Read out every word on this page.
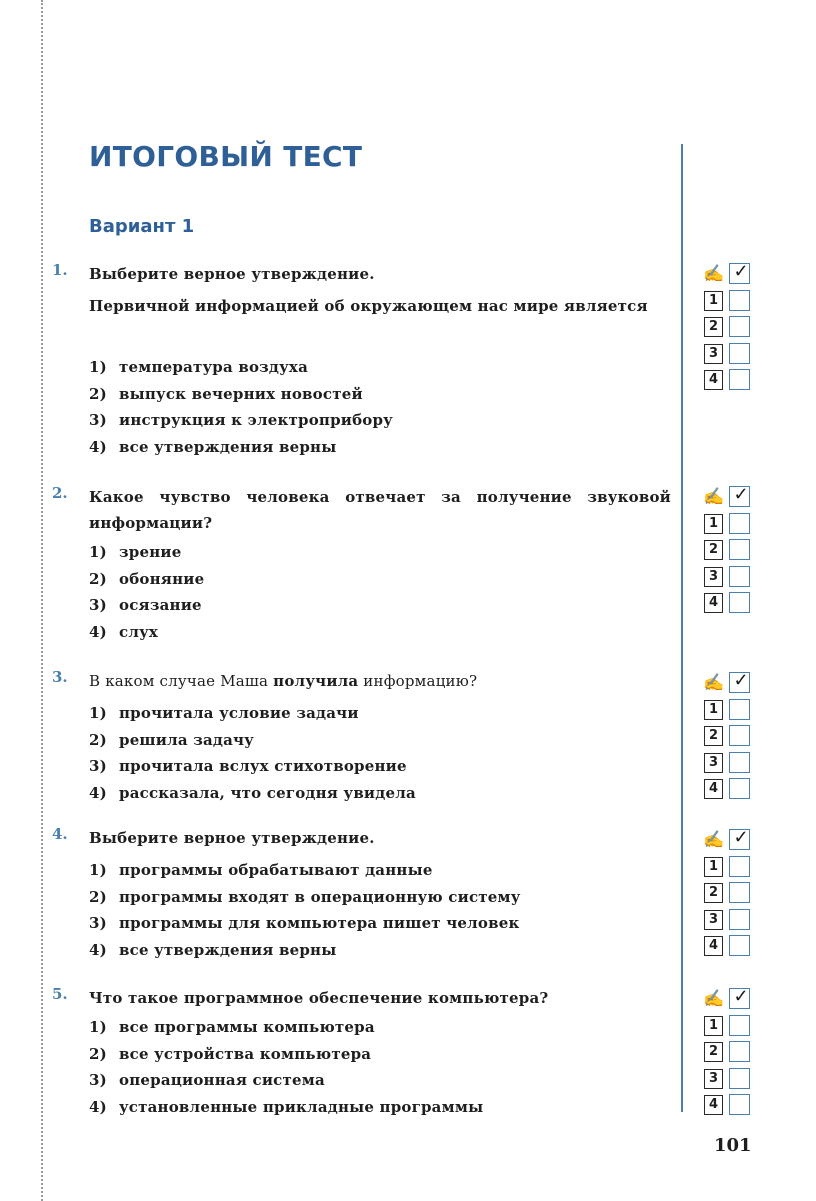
ИТОГОВЫЙ ТЕСТ
Вариант 1
1. Выберите верное утверждение.
Первичной информацией об окружающем нас мире является
1) температура воздуха
2) выпуск вечерних новостей
3) инструкция к электроприбору
4) все утверждения верны
✍ ✓
1
2
3
4
2. Какое чувство человека отвечает за получение звуковой информации?
1) зрение
2) обоняние
3) осязание
4) слух
✍ ✓
1
2
3
4
3. В каком случае Маша получила информацию?
1) прочитала условие задачи
2) решила задачу
3) прочитала вслух стихотворение
4) рассказала, что сегодня увидела
✍ ✓
1
2
3
4
4. Выберите верное утверждение.
1) программы обрабатывают данные
2) программы входят в операционную систему
3) программы для компьютера пишет человек
4) все утверждения верны
✍ ✓
1
2
3
4
5. Что такое программное обеспечение компьютера?
1) все программы компьютера
2) все устройства компьютера
3) операционная система
4) установленные прикладные программы
✍ ✓
1
2
3
4
101
